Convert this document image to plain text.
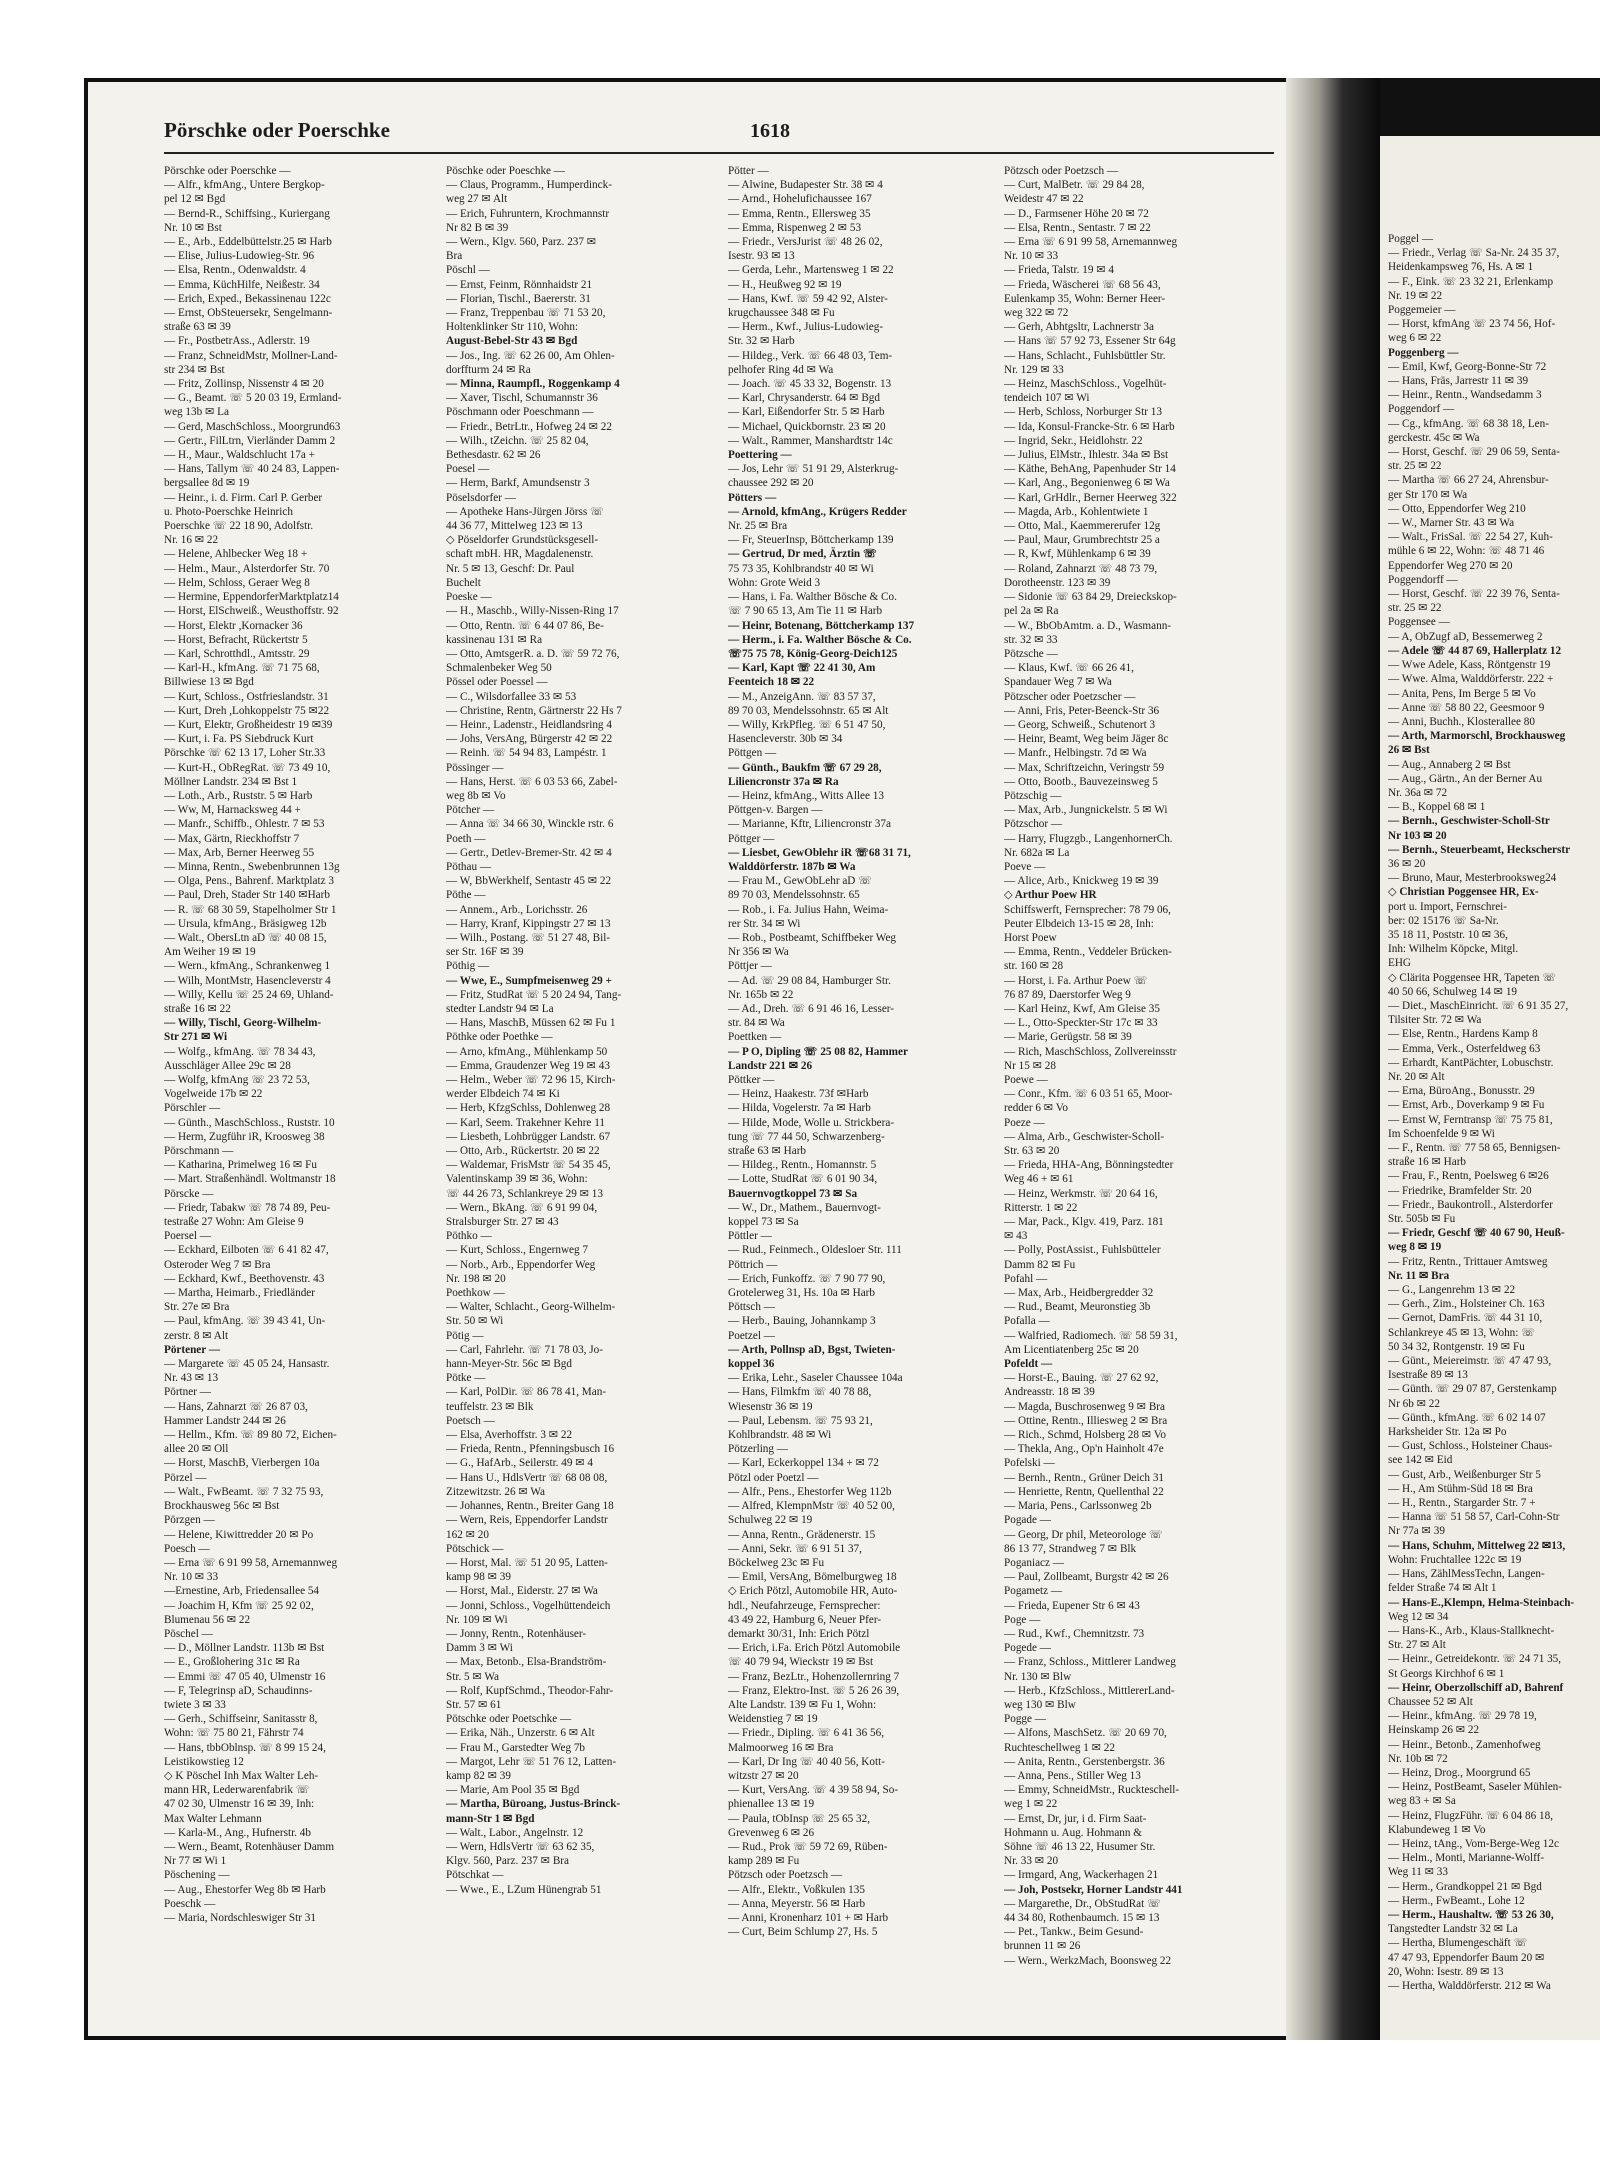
Pörschke oder Poerschke	1618
Pörschke oder Poerschke —
— Alfr., kfmAng., Untere Bergkop-
pel 12 ✉ Bgd
— Bernd-R., Schiffsing., Kuriergang
Nr. 10 ✉ Bst
— E., Arb., Eddelbüttelstr.25 ✉ Harb
— Elise, Julius-Ludowieg-Str. 96
— Elsa, Rentn., Odenwaldstr. 4
— Emma, KüchHilfe, Neißestr. 34
— Erich, Exped., Bekassinenau 122c
— Ernst, ObSteuersekr, Sengelmann-
straße 63 ✉ 39
— Fr., PostbetrAss., Adlerstr. 19
— Franz, SchneidMstr, Mollner-Land-
str 234 ✉ Bst
— Fritz, Zollinsp, Nissenstr 4 ✉ 20
— G., Beamt. ☏ 5 20 03 19, Ermland-
weg 13b ✉ La
— Gerd, MaschSchloss., Moorgrund63
— Gertr., FilLtrn, Vierländer Damm 2
— H., Maur., Waldschlucht 17a +
— Hans, Tallym ☏ 40 24 83, Lappen-
bergsallee 8d ✉ 19
— Heinr., i. d. Firm. Carl P. Gerber
u. Photo-Poerschke Heinrich
Poerschke ☏ 22 18 90, Adolfstr.
Nr. 16 ✉ 22
— Helene, Ahlbecker Weg 18 +
— Helm., Maur., Alsterdorfer Str. 70
— Helm, Schloss, Geraer Weg 8
— Hermine, EppendorferMarktplatz14
— Horst, ElSchweiß., Weusthoffstr. 92
— Horst, Elektr ,Kornacker 36
— Horst, Befracht, Rückertstr 5
— Karl, Schrotthdl., Amtsstr. 29
— Karl-H., kfmAng. ☏ 71 75 68,
Billwiese 13 ✉ Bgd
— Kurt, Schloss., Ostfrieslandstr. 31
— Kurt, Dreh ,Lohkoppelstr 75 ✉22
— Kurt, Elektr, Großheidestr 19 ✉39
— Kurt, i. Fa. PS Siebdruck Kurt
Pörschke ☏ 62 13 17, Loher Str.33
— Kurt-H., ObRegRat. ☏ 73 49 10,
Möllner Landstr. 234 ✉ Bst 1
— Loth., Arb., Ruststr. 5 ✉ Harb
— Ww, M, Harnacksweg 44 +
— Manfr., Schiffb., Ohlestr. 7 ✉ 53
— Max, Gärtn, Rieckhoffstr 7
— Max, Arb, Berner Heerweg 55
— Minna, Rentn., Swebenbrunnen 13g
— Olga, Pens., Bahrenf. Marktplatz 3
— Paul, Dreh, Stader Str 140 ✉Harb
— R. ☏ 68 30 59, Stapelholmer Str 1
— Ursula, kfmAng., Bräsigweg 12b
— Walt., ObersLtn aD ☏ 40 08 15,
Am Weiher 19 ✉ 19
— Wern., kfmAng., Schrankenweg 1
— Wilh, MontMstr, Hasencleverstr 4
— Willy, Kellu ☏ 25 24 69, Uhland-
straße 16 ✉ 22
— Willy, Tischl, Georg-Wilhelm-
Str 271 ✉ Wi
— Wolfg., kfmAng. ☏ 78 34 43,
Ausschläger Allee 29c ✉ 28
— Wolfg, kfmAng ☏ 23 72 53,
Vogelweide 17b ✉ 22
Pörschler —
— Günth., MaschSchloss., Ruststr. 10
— Herm, Zugführ iR, Kroosweg 38
Pörschmann —
— Katharina, Primelweg 16 ✉ Fu
— Mart. Straßenhändl. Woltmanstr 18
Pörscke —
— Friedr, Tabakw ☏ 78 74 89, Peu-
testraße 27 Wohn: Am Gleise 9
Poersel —
— Eckhard, Eilboten ☏ 6 41 82 47,
Osteroder Weg 7 ✉ Bra
— Eckhard, Kwf., Beethovenstr. 43
— Martha, Heimarb., Friedländer
Str. 27e ✉ Bra
— Paul, kfmAng. ☏ 39 43 41, Un-
zerstr. 8 ✉ Alt
Pörtener —
— Margarete ☏ 45 05 24, Hansastr.
Nr. 43 ✉ 13
Pörtner —
— Hans, Zahnarzt ☏ 26 87 03,
Hammer Landstr 244 ✉ 26
— Hellm., Kfm. ☏ 89 80 72, Eichen-
allee 20 ✉ Oll
— Horst, MaschB, Vierbergen 10a
Pörzel —
— Walt., FwBeamt. ☏ 7 32 75 93,
Brockhausweg 56c ✉ Bst
Pörzgen —
— Helene, Kiwittredder 20 ✉ Po
Poesch —
— Erna ☏ 6 91 99 58, Arnemannweg
Nr. 10 ✉ 33
—Ernestine, Arb, Friedensallee 54
— Joachim H, Kfm ☏ 25 92 02,
Blumenau 56 ✉ 22
Pöschel —
— D., Möllner Landstr. 113b ✉ Bst
— E., Großlohering 31c ✉ Ra
— Emmi ☏ 47 05 40, Ulmenstr 16
— F, Telegrinsp aD, Schaudinns-
twiete 3 ✉ 33
— Gerh., Schiffseinr, Sanitasstr 8,
Wohn: ☏ 75 80 21, Fährstr 74
— Hans, tbbOblnsp. ☏ 8 99 15 24,
Leistikowstieg 12
◇ K Pöschel Inh Max Walter Leh-
mann HR, Lederwarenfabrik ☏
47 02 30, Ulmenstr 16 ✉ 39, Inh:
Max Walter Lehmann
— Karla-M., Ang., Hufnerstr. 4b
— Wern., Beamt, Rotenhäuser Damm
Nr 77 ✉ Wi 1
Pöschening —
— Aug., Ehestorfer Weg 8b ✉ Harb
Poeschk —
— Maria, Nordschleswiger Str 31
Pöschke oder Poeschke —
— Claus, Programm., Humperdinck-
weg 27 ✉ Alt
— Erich, Fuhruntern, Krochmannstr
Nr 82 B ✉ 39
— Wern., Klgv. 560, Parz. 237 ✉
Bra
Pöschl —
— Ernst, Feinm, Rönnhaidstr 21
— Florian, Tischl., Baererstr. 31
— Franz, Treppenbau ☏ 71 53 20,
Holtenklinker Str 110, Wohn:
August-Bebel-Str 43 ✉ Bgd
— Jos., Ing. ☏ 62 26 00, Am Ohlen-
dorffturm 24 ✉ Ra
— Minna, Raumpfl., Roggenkamp 4
— Xaver, Tischl, Schumannstr 36
Pöschmann oder Poeschmann —
— Friedr., BetrLtr., Hofweg 24 ✉ 22
— Wilh., tZeichn. ☏ 25 82 04,
Bethesdastr. 62 ✉ 26
Poesel —
— Herm, Barkf, Amundsenstr 3
Pöselsdorfer —
— Apotheke Hans-Jürgen Jörss ☏
44 36 77, Mittelweg 123 ✉ 13
◇ Pöseldorfer Grundstücksgesell-
schaft mbH. HR, Magdalenenstr.
Nr. 5 ✉ 13, Geschf: Dr. Paul
Buchelt
Poeske —
— H., Maschb., Willy-Nissen-Ring 17
— Otto, Rentn. ☏ 6 44 07 86, Be-
kassinenau 131 ✉ Ra
— Otto, AmtsgerR. a. D. ☏ 59 72 76,
Schmalenbeker Weg 50
Pössel oder Poessel —
— C., Wilsdorfallee 33 ✉ 53
— Christine, Rentn, Gärtnerstr 22 Hs 7
— Heinr., Ladenstr., Heidlandsring 4
— Johs, VersAng, Bürgerstr 42 ✉ 22
— Reinh. ☏ 54 94 83, Lampéstr. 1
Pössinger —
— Hans, Herst. ☏ 6 03 53 66, Zabel-
weg 8b ✉ Vo
Pötcher —
— Anna ☏ 34 66 30, Winckle rstr. 6
Poeth —
— Gertr., Detlev-Bremer-Str. 42 ✉ 4
Pöthau —
— W, BbWerkhelf, Sentastr 45 ✉ 22
Pöthe —
— Annem., Arb., Lorichsstr. 26
— Harry, Kranf, Kippingstr 27 ✉ 13
— Wilh., Postang. ☏ 51 27 48, Bil-
ser Str. 16F ✉ 39
Pöthig —
— Wwe, E., Sumpfmeisenweg 29 +
— Fritz, StudRat ☏ 5 20 24 94, Tang-
stedter Landstr 94 ✉ La
— Hans, MaschB, Müssen 62 ✉ Fu 1
Pöthke oder Poethke —
— Arno, kfmAng., Mühlenkamp 50
— Emma, Graudenzer Weg 19 ✉ 43
— Helm., Weber ☏ 72 96 15, Kirch-
werder Elbdeich 74 ✉ Ki
— Herb, KfzgSchlss, Dohlenweg 28
— Karl, Seem. Trakehner Kehre 11
— Liesbeth, Lohbrügger Landstr. 67
— Otto, Arb., Rückertstr. 20 ✉ 22
— Waldemar, FrisMstr ☏ 54 35 45,
Valentinskamp 39 ✉ 36, Wohn:
☏ 44 26 73, Schlankreye 29 ✉ 13
— Wern., BkAng. ☏ 6 91 99 04,
Stralsburger Str. 27 ✉ 43
Pöthko —
— Kurt, Schloss., Engernweg 7
— Norb., Arb., Eppendorfer Weg
Nr. 198 ✉ 20
Poethkow —
— Walter, Schlacht., Georg-Wilhelm-
Str. 50 ✉ Wi
Pötig —
— Carl, Fahrlehr. ☏ 71 78 03, Jo-
hann-Meyer-Str. 56c ✉ Bgd
Pötke —
— Karl, PolDir. ☏ 86 78 41, Man-
teuffelstr. 23 ✉ Blk
Poetsch —
— Elsa, Averhoffstr. 3 ✉ 22
— Frieda, Rentn., Pfenningsbusch 16
— G., HafArb., Seilerstr. 49 ✉ 4
— Hans U., HdlsVertr ☏ 68 08 08,
Zitzewitzstr. 26 ✉ Wa
— Johannes, Rentn., Breiter Gang 18
— Wern, Reis, Eppendorfer Landstr
162 ✉ 20
Pötschick —
— Horst, Mal. ☏ 51 20 95, Latten-
kamp 98 ✉ 39
— Horst, Mal., Eiderstr. 27 ✉ Wa
— Jonni, Schloss., Vogelhüttendeich
Nr. 109 ✉ Wi
— Jonny, Rentn., Rotenhäuser-
Damm 3 ✉ Wi
— Max, Betonb., Elsa-Brandström-
Str. 5 ✉ Wa
— Rolf, KupfSchmd., Theodor-Fahr-
Str. 57 ✉ 61
Pötschke oder Poetschke —
— Erika, Näh., Unzerstr. 6 ✉ Alt
— Frau M., Garstedter Weg 7b
— Margot, Lehr ☏ 51 76 12, Latten-
kamp 82 ✉ 39
— Marie, Am Pool 35 ✉ Bgd
— Martha, Büroang, Justus-Brinck-
mann-Str 1 ✉ Bgd
— Walt., Labor., Angelnstr. 12
— Wern, HdlsVertr ☏ 63 62 35,
Klgv. 560, Parz. 237 ✉ Bra
Pötschkat —
— Wwe., E., LZum Hünengrab 51
Pötter —
— Alwine, Budapester Str. 38 ✉ 4
— Arnd., Hohelufichaussee 167
— Emma, Rentn., Ellersweg 35
— Emma, Rispenweg 2 ✉ 53
— Friedr., VersJurist ☏ 48 26 02,
Isestr. 93 ✉ 13
— Gerda, Lehr., Martensweg 1 ✉ 22
— H., Heußweg 92 ✉ 19
— Hans, Kwf. ☏ 59 42 92, Alster-
krugchaussee 348 ✉ Fu
— Herm., Kwf., Julius-Ludowieg-
Str. 32 ✉ Harb
— Hildeg., Verk. ☏ 66 48 03, Tem-
pelhofer Ring 4d ✉ Wa
— Joach. ☏ 45 33 32, Bogenstr. 13
— Karl, Chrysanderstr. 64 ✉ Bgd
— Karl, Eißendorfer Str. 5 ✉ Harb
— Michael, Quickbornstr. 23 ✉ 20
— Walt., Rammer, Manshardtstr 14c
Poettering —
— Jos, Lehr ☏ 51 91 29, Alsterkrug-
chaussee 292 ✉ 20
Pötters —
— Arnold, kfmAng., Krügers Redder
Nr. 25 ✉ Bra
— Fr, SteuerInsp, Böttcherkamp 139
— Gertrud, Dr med, Ärztin ☏
75 73 35, Kohlbrandstr 40 ✉ Wi
Wohn: Grote Weid 3
— Hans, i. Fa. Walther Bösche & Co.
☏ 7 90 65 13, Am Tie 11 ✉ Harb
— Heinr, Botenang, Böttcherkamp 137
— Herm., i. Fa. Walther Bösche & Co.
☏75 75 78, König-Georg-Deich125
— Karl, Kapt ☏ 22 41 30, Am
Feenteich 18 ✉ 22
— M., AnzeigAnn. ☏ 83 57 37,
89 70 03, Mendelssohnstr. 65 ✉ Alt
— Willy, KrkPfleg. ☏ 6 51 47 50,
Hasencleverstr. 30b ✉ 34
Pöttgen —
— Günth., Baukfm ☏ 67 29 28,
Liliencronstr 37a ✉ Ra
— Heinz, kfmAng., Witts Allee 13
Pöttgen-v. Bargen —
— Marianne, Kftr, Liliencronstr 37a
Pöttger —
— Liesbet, GewOblehr iR ☏68 31 71,
Walddörferstr. 187b ✉ Wa
— Frau M., GewObLehr aD ☏
89 70 03, Mendelssohnstr. 65
— Rob., i. Fa. Julius Hahn, Weima-
rer Str. 34 ✉ Wi
— Rob., Postbeamt, Schiffbeker Weg
Nr 356 ✉ Wa
Pöttjer —
— Ad. ☏ 29 08 84, Hamburger Str.
Nr. 165b ✉ 22
— Ad., Dreh. ☏ 6 91 46 16, Lesser-
str. 84 ✉ Wa
Poettken —
— P O, Dipling ☏ 25 08 82, Hammer
Landstr 221 ✉ 26
Pöttker —
— Heinz, Haakestr. 73f ✉Harb
— Hilda, Vogelerstr. 7a ✉ Harb
— Hilde, Mode, Wolle u. Strickbera-
tung ☏ 77 44 50, Schwarzenberg-
straße 63 ✉ Harb
— Hildeg., Rentn., Homannstr. 5
— Lotte, StudRat ☏ 6 01 90 34,
Bauernvogtkoppel 73 ✉ Sa
— W., Dr., Mathem., Bauernvogt-
koppel 73 ✉ Sa
Pöttler —
— Rud., Feinmech., Oldesloer Str. 111
Pöttrich —
— Erich, Funkoffz. ☏ 7 90 77 90,
Grotelerweg 31, Hs. 10a ✉ Harb
Pöttsch —
— Herb., Bauing, Johannkamp 3
Poetzel —
— Arth, Pollnsp aD, Bgst, Twieten-
koppel 36
— Erika, Lehr., Saseler Chaussee 104a
— Hans, Filmkfm ☏ 40 78 88,
Wiesenstr 36 ✉ 19
— Paul, Lebensm. ☏ 75 93 21,
Kohlbrandstr. 48 ✉ Wi
Pötzerling —
— Karl, Eckerkoppel 134 + ✉ 72
Pötzl oder Poetzl —
— Alfr., Pens., Ehestorfer Weg 112b
— Alfred, KlempnMstr ☏ 40 52 00,
Schulweg 22 ✉ 19
— Anna, Rentn., Grädenerstr. 15
— Anni, Sekr. ☏ 6 91 51 37,
Böckelweg 23c ✉ Fu
— Emil, VersAng, Bömelburgweg 18
◇ Erich Pötzl, Automobile HR, Auto-
hdl., Neufahrzeuge, Fernsprecher:
43 49 22, Hamburg 6, Neuer Pfer-
demarkt 30/31, Inh: Erich Pötzl
— Erich, i.Fa. Erich Pötzl Automobile
☏ 40 79 94, Wieckstr 19 ✉ Bst
— Franz, BezLtr., Hohenzollernring 7
— Franz, Elektro-Inst. ☏ 5 26 26 39,
Alte Landstr. 139 ✉ Fu 1, Wohn:
Weidenstieg 7 ✉ 19
— Friedr., Dipling. ☏ 6 41 36 56,
Malmoorweg 16 ✉ Bra
— Karl, Dr Ing ☏ 40 40 56, Kott-
witzstr 27 ✉ 20
— Kurt, VersAng. ☏ 4 39 58 94, So-
phienallee 13 ✉ 19
— Paula, tObInsp ☏ 25 65 32,
Grevenweg 6 ✉ 26
— Rud., Prok ☏ 59 72 69, Rüben-
kamp 289 ✉ Fu
Pötzsch oder Poetzsch —
— Alfr., Elektr., Voßkulen 135
— Anna, Meyerstr. 56 ✉ Harb
— Anni, Kronenharz 101 + ✉ Harb
— Curt, Beim Schlump 27, Hs. 5
Pötzsch oder Poetzsch —
— Curt, MalBetr. ☏ 29 84 28,
Weidestr 47 ✉ 22
— D., Farmsener Höhe 20 ✉ 72
— Elsa, Rentn., Sentastr. 7 ✉ 22
— Erna ☏ 6 91 99 58, Arnemannweg
Nr. 10 ✉ 33
— Frieda, Talstr. 19 ✉ 4
— Frieda, Wäscherei ☏ 68 56 43,
Eulenkamp 35, Wohn: Berner Heer-
weg 322 ✉ 72
— Gerh, Abhtgsltr, Lachnerstr 3a
— Hans ☏ 57 92 73, Essener Str 64g
— Hans, Schlacht., Fuhlsbüttler Str.
Nr. 129 ✉ 33
— Heinz, MaschSchloss., Vogelhüt-
tendeich 107 ✉ Wi
— Herb, Schloss, Norburger Str 13
— Ida, Konsul-Francke-Str. 6 ✉ Harb
— Ingrid, Sekr., Heidlohstr. 22
— Julius, ElMstr., Ihlestr. 34a ✉ Bst
— Käthe, BehAng, Papenhuder Str 14
— Karl, Ang., Begonienweg 6 ✉ Wa
— Karl, GrHdlr., Berner Heerweg 322
— Magda, Arb., Kohlentwiete 1
— Otto, Mal., Kaemmererufer 12g
— Paul, Maur, Grumbrechtstr 25 a
— R, Kwf, Mühlenkamp 6 ✉ 39
— Roland, Zahnarzt ☏ 48 73 79,
Dorotheenstr. 123 ✉ 39
— Sidonie ☏ 63 84 29, Dreieckskop-
pel 2a ✉ Ra
— W., BbObAmtm. a. D., Wasmann-
str. 32 ✉ 33
Pötzsche —
— Klaus, Kwf. ☏ 66 26 41,
Spandauer Weg 7 ✉ Wa
Pötzscher oder Poetzscher —
— Anni, Fris, Peter-Beenck-Str 36
— Georg, Schweiß., Schutenort 3
— Heinr, Beamt, Weg beim Jäger 8c
— Manfr., Helbingstr. 7d ✉ Wa
— Max, Schriftzeichn, Veringstr 59
— Otto, Bootb., Bauvezeinsweg 5
Pötzschig —
— Max, Arb., Jungnickelstr. 5 ✉ Wi
Pötzschor —
— Harry, Flugzgb., LangenhornerCh.
Nr. 682a ✉ La
Poeve —
— Alice, Arb., Knickweg 19 ✉ 39
◇ Arthur Poew HR
Schiffswerft, Fernsprecher: 78 79 06,
Peuter Elbdeich 13-15 ✉ 28, Inh:
Horst Poew
— Emma, Rentn., Veddeler Brücken-
str. 160 ✉ 28
— Horst, i. Fa. Arthur Poew ☏
76 87 89, Daerstorfer Weg 9
— Karl Heinz, Kwf, Am Gleise 35
— L., Otto-Speckter-Str 17c ✉ 33
— Marie, Gerügstr. 58 ✉ 39
— Rich, MaschSchloss, Zollvereinsstr
Nr 15 ✉ 28
Poewe —
— Conr., Kfm. ☏ 6 03 51 65, Moor-
redder 6 ✉ Vo
Poeze —
— Alma, Arb., Geschwister-Scholl-
Str. 63 ✉ 20
— Frieda, HHA-Ang, Bönningstedter
Weg 46 + ✉ 61
— Heinz, Werkmstr. ☏ 20 64 16,
Ritterstr. 1 ✉ 22
— Mar, Pack., Klgv. 419, Parz. 181
✉ 43
— Polly, PostAssist., Fuhlsbütteler
Damm 82 ✉ Fu
Pofahl —
— Max, Arb., Heidbergredder 32
— Rud., Beamt, Meuronstieg 3b
Pofalla —
— Walfried, Radiomech. ☏ 58 59 31,
Am Licentiatenberg 25c ✉ 20
Pofeldt —
— Horst-E., Bauing. ☏ 27 62 92,
Andreasstr. 18 ✉ 39
— Magda, Buschrosenweg 9 ✉ Bra
— Ottine, Rentn., Illiesweg 2 ✉ Bra
— Rich., Schmd, Holsberg 28 ✉ Vo
— Thekla, Ang., Op'n Hainholt 47e
Pofelski —
— Bernh., Rentn., Grüner Deich 31
— Henriette, Rentn, Quellenthal 22
— Maria, Pens., Carlssonweg 2b
Pogade —
— Georg, Dr phil, Meteorologe ☏
86 13 77, Strandweg 7 ✉ Blk
Poganiacz —
— Paul, Zollbeamt, Burgstr 42 ✉ 26
Pogametz —
— Frieda, Eupener Str 6 ✉ 43
Poge —
— Rud., Kwf., Chemnitzstr. 73
Pogede —
— Franz, Schloss., Mittlerer Landweg
Nr. 130 ✉ Blw
— Herb., KfzSchloss., MittlererLand-
weg 130 ✉ Blw
Pogge —
— Alfons, MaschSetz. ☏ 20 69 70,
Ruchteschellweg 1 ✉ 22
— Anita, Rentn., Gerstenbergstr. 36
— Anna, Pens., Stiller Weg 13
— Emmy, SchneidMstr., Ruckteschell-
weg 1 ✉ 22
— Ernst, Dr, jur, i d. Firm Saat-
Hohmann u. Aug. Hohmann &
Söhne ☏ 46 13 22, Husumer Str.
Nr. 33 ✉ 20
— Irmgard, Ang, Wackerhagen 21
— Joh, Postsekr, Horner Landstr 441
— Margarethe, Dr., ObStudRat ☏
44 34 80, Rothenbaumch. 15 ✉ 13
— Pet., Tankw., Beim Gesund-
brunnen 11 ✉ 26
— Wern., WerkzMach, Boonsweg 22
Poggel —
— Friedr., Verlag ☏ Sa-Nr. 24 35 37,
Heidenkampsweg 76, Hs. A ✉ 1
— F., Eink. ☏ 23 32 21, Erlenkamp
Nr. 19 ✉ 22
Poggemeier —
— Horst, kfmAng ☏ 23 74 56, Hof-
weg 6 ✉ 22
Poggenberg —
— Emil, Kwf, Georg-Bonne-Str 72
— Hans, Fräs, Jarrestr 11 ✉ 39
— Heinr., Rentn., Wandsedamm 3
Poggendorf —
— Cg., kfmAng. ☏ 68 38 18, Len-
gerckestr. 45c ✉ Wa
— Horst, Geschf. ☏ 29 06 59, Senta-
str. 25 ✉ 22
— Martha ☏ 66 27 24, Ahrensbur-
ger Str 170 ✉ Wa
— Otto, Eppendorfer Weg 210
— W., Marner Str. 43 ✉ Wa
— Walt., FrisSal. ☏ 22 54 27, Kuh-
mühle 6 ✉ 22, Wohn: ☏ 48 71 46
Eppendorfer Weg 270 ✉ 20
Poggendorff —
— Horst, Geschf. ☏ 22 39 76, Senta-
str. 25 ✉ 22
Poggensee —
— A, ObZugf aD, Bessemerweg 2
— Adele ☏ 44 87 69, Hallerplatz 12
— Wwe Adele, Kass, Röntgenstr 19
— Wwe. Alma, Walddörferstr. 222 +
— Anita, Pens, Im Berge 5 ✉ Vo
— Anne ☏ 58 80 22, Geesmoor 9
— Anni, Buchh., Klosterallee 80
— Arth, Marmorschl, Brockhausweg
26 ✉ Bst
— Aug., Annaberg 2 ✉ Bst
— Aug., Gärtn., An der Berner Au
Nr. 36a ✉ 72
— B., Koppel 68 ✉ 1
— Bernh., Geschwister-Scholl-Str
Nr 103 ✉ 20
— Bernh., Steuerbeamt, Heckscherstr
36 ✉ 20
— Bruno, Maur, Mesterbrooksweg24
◇ Christian Poggensee HR, Ex-
port u. Import, Fernschrei-
ber: 02 15176 ☏ Sa-Nr.
35 18 11, Poststr. 10 ✉ 36,
Inh: Wilhelm Köpcke, Mitgl.
EHG
◇ Clärita Poggensee HR, Tapeten ☏
40 50 66, Schulweg 14 ✉ 19
— Diet., MaschEinricht. ☏ 6 91 35 27,
Tilsiter Str. 72 ✉ Wa
— Else, Rentn., Hardens Kamp 8
— Emma, Verk., Osterfeldweg 63
— Erhardt, KantPächter, Lobuschstr.
Nr. 20 ✉ Alt
— Erna, BüroAng., Bonusstr. 29
— Ernst, Arb., Doverkamp 9 ✉ Fu
— Ernst W, Ferntransp ☏ 75 75 81,
Im Schoenfelde 9 ✉ Wi
— F., Rentn. ☏ 77 58 65, Bennigsen-
straße 16 ✉ Harb
— Frau, F., Rentn, Poelsweg 6 ✉26
— Friedrike, Bramfelder Str. 20
— Friedr., Baukontroll., Alsterdorfer
Str. 505b ✉ Fu
— Friedr, Geschf ☏ 40 67 90, Heuß-
weg 8 ✉ 19
— Fritz, Rentn., Trittauer Amtsweg
Nr. 11 ✉ Bra
— G., Langenrehm 13 ✉ 22
— Gerh., Zim., Holsteiner Ch. 163
— Gernot, DamFris. ☏ 44 31 10,
Schlankreye 45 ✉ 13, Wohn: ☏
50 34 32, Rontgenstr. 19 ✉ Fu
— Günt., Meiereimstr. ☏ 47 47 93,
Isestraße 89 ✉ 13
— Günth. ☏ 29 07 87, Gerstenkamp
Nr 6b ✉ 22
— Günth., kfmAng. ☏ 6 02 14 07
Harksheider Str. 12a ✉ Po
— Gust, Schloss., Holsteiner Chaus-
see 142 ✉ Eid
— Gust, Arb., Weißenburger Str 5
— H., Am Stühm-Süd 18 ✉ Bra
— H., Rentn., Stargarder Str. 7 +
— Hanna ☏ 51 58 57, Carl-Cohn-Str
Nr 77a ✉ 39
— Hans, Schuhm, Mittelweg 22 ✉13,
Wohn: Fruchtallee 122c ✉ 19
— Hans, ZählMessTechn, Langen-
felder Straße 74 ✉ Alt 1
— Hans-E.,Klempn, Helma-Steinbach-
Weg 12 ✉ 34
— Hans-K., Arb., Klaus-Stallknecht-
Str. 27 ✉ Alt
— Heinr., Getreidekontr. ☏ 24 71 35,
St Georgs Kirchhof 6 ✉ 1
— Heinr, Oberzollschiff aD, Bahrenf
Chaussee 52 ✉ Alt
— Heinr., kfmAng. ☏ 29 78 19,
Heinskamp 26 ✉ 22
— Heinr., Betonb., Zamenhofweg
Nr. 10b ✉ 72
— Heinz, Drog., Moorgrund 65
— Heinz, PostBeamt, Saseler Mühlen-
weg 83 + ✉ Sa
— Heinz, FlugzFühr. ☏ 6 04 86 18,
Klabundeweg 1 ✉ Vo
— Heinz, tAng., Vom-Berge-Weg 12c
— Helm., Monti, Marianne-Wolff-
Weg 11 ✉ 33
— Herm., Grandkoppel 21 ✉ Bgd
— Herm., FwBeamt., Lohe 12
— Herm., Haushaltw. ☏ 53 26 30,
Tangstedter Landstr 32 ✉ La
— Hertha, Blumengeschäft ☏
47 47 93, Eppendorfer Baum 20 ✉
20, Wohn: Isestr. 89 ✉ 13
— Hertha, Walddörferstr. 212 ✉ Wa
